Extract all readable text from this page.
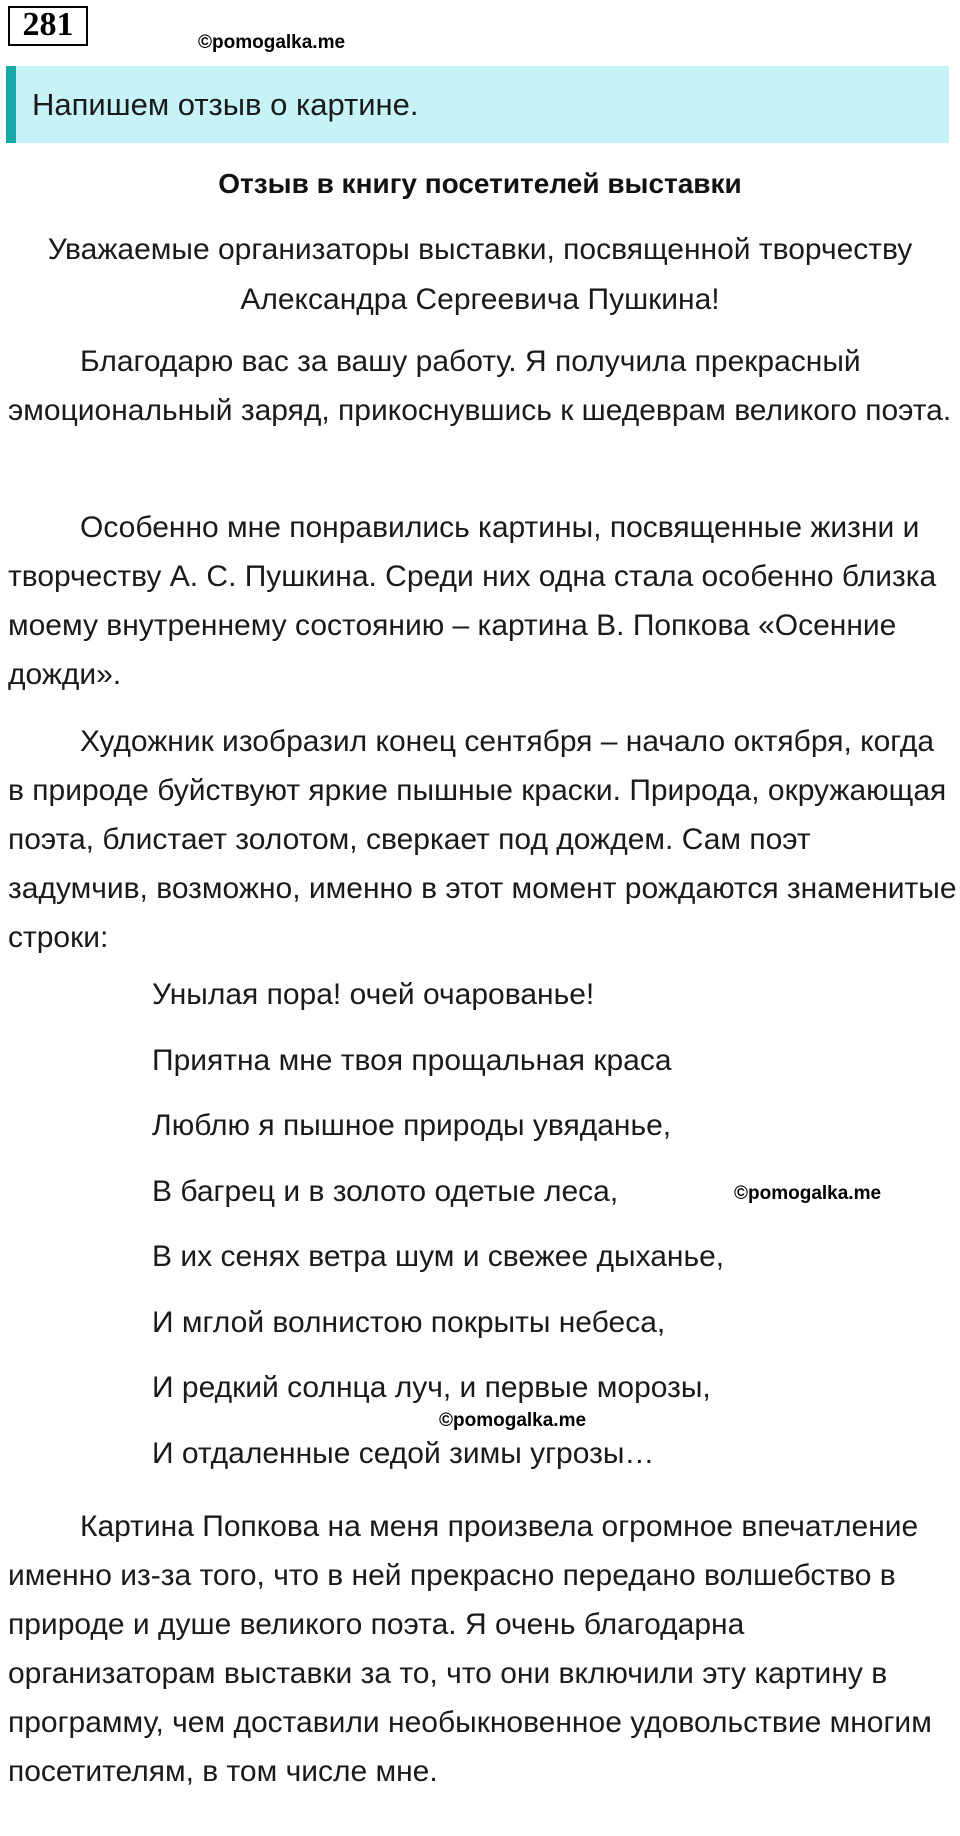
281	©pomogalka.me
Напишем отзыв о картине.
Отзыв в книгу посетителей выставки
Уважаемые организаторы выставки, посвященной творчеству Александра Сергеевича Пушкина!

Благодарю вас за вашу работу. Я получила прекрасный эмоциональный заряд, прикоснувшись к шедеврам великого поэта.

Особенно мне понравились картины, посвященные жизни и творчеству А. С. Пушкина. Среди них одна стала особенно близка моему внутреннему состоянию – картина В. Попкова «Осенние дожди».

Художник изобразил конец сентября – начало октября, когда в природе буйствуют яркие пышные краски. Природа, окружающая поэта, блистает золотом, сверкает под дождем. Сам поэт задумчив, возможно, именно в этот момент рождаются знаменитые строки:

Унылая пора! очей очарованье!
Приятна мне твоя прощальная краса
Люблю я пышное природы увяданье,
В багрец и в золото одетые леса,
В их сенях ветра шум и свежее дыханье,
И мглой волнистою покрыты небеса,
И редкий солнца луч, и первые морозы,
И отдаленные седой зимы угрозы…
©pomogalka.me
©pomogalka.me

Картина Попкова на меня произвела огромное впечатление именно из-за того, что в ней прекрасно передано волшебство в природе и душе великого поэта. Я очень благодарна организаторам выставки за то, что они включили эту картину в программу, чем доставили необыкновенное удовольствие многим посетителям, в том числе мне.
